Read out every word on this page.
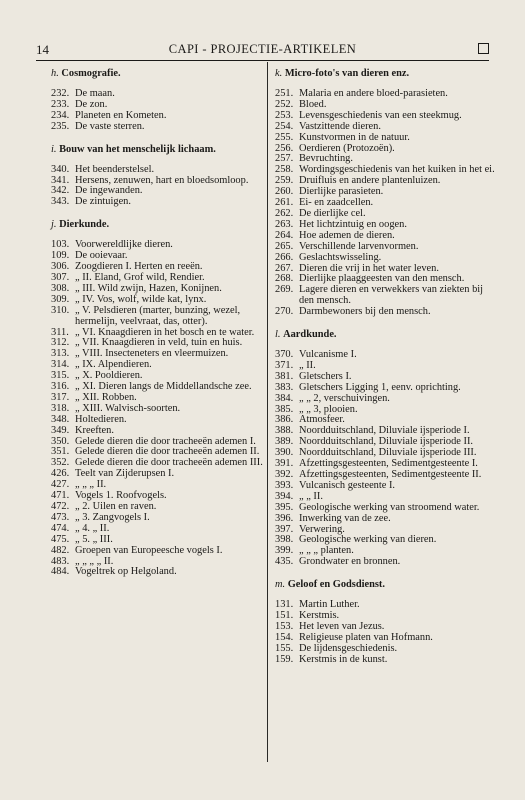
14	CAPI - PROJECTIE-ARTIKELEN
h. Cosmografie.
232. De maan.
233. De zon.
234. Planeten en Kometen.
235. De vaste sterren.
i. Bouw van het menschelijk lichaam.
340. Het beenderstelsel.
341. Hersens, zenuwen, hart en bloedsomloop.
342. De ingewanden.
343. De zintuigen.
j. Dierkunde.
103. Voorwereldlijke dieren.
109. De ooievaar.
306. Zoogdieren I. Herten en reeën.
307. „ II. Eland, Grof wild, Rendier.
308. „ III. Wild zwijn, Hazen, Konijnen.
309. „ IV. Vos, wolf, wilde kat, lynx.
310. „ V. Pelsdieren (marter, bunzing, wezel, hermelijn, veelvraat, das, otter).
311. „ VI. Knaagdieren in het bosch en te water.
312. „ VII. Knaagdieren in veld, tuin en huis.
313. „ VIII. Insecteneters en vleermuizen.
314. „ IX. Alpendieren.
315. „ X. Pooldieren.
316. „ XI. Dieren langs de Middellandsche zee.
317. „ XII. Robben.
318. „ XIII. Walvisch-soorten.
348. Holtedieren.
349. Kreeften.
350. Gelede dieren die door tracheeën ademen I.
351. Gelede dieren die door tracheeën ademen II.
352. Gelede dieren die door tracheeën ademen III.
426. Teelt van Zijderupsen I.
427. „ „ „ II.
471. Vogels 1. Roofvogels.
472. „ 2. Uilen en raven.
473. „ 3. Zangvogels I.
474. „ 4. „ II.
475. „ 5. „ III.
482. Groepen van Europeesche vogels I.
483. „ „ „ „ II.
484. Vogeltrek op Helgoland.
k. Micro-foto's van dieren enz.
251. Malaria en andere bloed-parasieten.
252. Bloed.
253. Levensgeschiedenis van een steekmug.
254. Vastzittende dieren.
255. Kunstvormen in de natuur.
256. Oerdieren (Protozoën).
257. Bevruchting.
258. Wordingsgeschiedenis van het kuiken in het ei.
259. Druifluis en andere plantenluizen.
260. Dierlijke parasieten.
261. Ei- en zaadcellen.
262. De dierlijke cel.
263. Het lichtzintuig en oogen.
264. Hoe ademen de dieren.
265. Verschillende larvenvormen.
266. Geslachtswisseling.
267. Dieren die vrij in het water leven.
268. Dierlijke plaaggeesten van den mensch.
269. Lagere dieren en verwekkers van ziekten bij den mensch.
270. Darmbewoners bij den mensch.
l. Aardkunde.
370. Vulcanisme I.
371. „ II.
381. Gletschers I.
383. Gletschers Ligging 1, eenv. oprichting.
384. „ „ 2, verschuivingen.
385. „ „ 3, plooien.
386. Atmosfeer.
388. Noordduitschland, Diluviale ijsperiode I.
389. Noordduitschland, Diluviale ijsperiode II.
390. Noordduitschland, Diluviale ijsperiode III.
391. Afzettingsgesteenten, Sedimentgesteente I.
392. Afzettingsgesteenten, Sedimentgesteente II.
393. Vulcanisch gesteente I.
394. „ „ II.
395. Geologische werking van stroomend water.
396. Inwerking van de zee.
397. Verwering.
398. Geologische werking van dieren.
399. „ „ „ planten.
435. Grondwater en bronnen.
m. Geloof en Godsdienst.
131. Martin Luther.
151. Kerstmis.
153. Het leven van Jezus.
154. Religieuse platen van Hofmann.
155. De lijdensgeschiedenis.
159. Kerstmis in de kunst.
